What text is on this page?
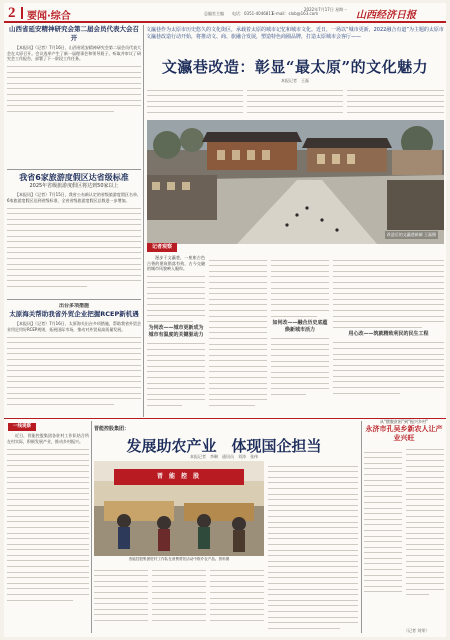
2 要闻·综合	总编室主编 电话：0351-4046811
E-mail：slxb@163.com
2022年7月17日 星期一
山西经济日报
山西省延安精神研究会第二届会员代表大会召开
【本报讯】（记者）7月16日，山西省延安精神研究会第二届会员代表大会在太原召开。会议选举产生了新一届理事会和领导班子，听取并审议了研究会工作报告，部署了下一阶段工作任务。
我省6家旅游度假区达省级标准
2025年省级旅游度假区将达到50家以上
【本报讯】（记者）7月15日，我省公布新认定的省级旅游度假区名单，6家旅游度假区达到省级标准，全省省级旅游度假区总数进一步增加。
出台多项措施
太原海关帮助我省外贸企业把握RCEP新机遇
【本报讯】（记者）7月16日，太原海关出台多项措施，帮助我省外贸企业用足用好RCEP规则，拓展国际市场，推动对外贸易高质量发展。
文瀛巷作为太原市历史悠久的文化街区，承载着太原的城市记忆和城市文化。近日，一场以“城市更新，2022融合有道”为主题的太原市文瀛巷改造行动开始，将推动文、商、旅融合发展，塑造特色商圈品牌，打造太原城市会客厅——
文瀛巷改造：彰显“最太原”的文化魅力
本报记者　王磊
改造后的文瀛巷新颜 王磊摄
记者观察
漫步于文瀛巷，一座座古色古香的建筑错落有致，古今交融的城市风貌映入眼帘。
为何改——城市更新成为城市有温度的关键驱动力
如何改——融合历史底蕴焕新城市活力
用心改——筑就精致利民的民生工程
一线观察
近日，晋能控股集团各驻村工作队结合所在村实际，积极发展产业，推动乡村振兴。
晋能控股集团：
发展助农产业　体现国企担当
本报记者　李琳　通讯员　刘涛　张伟
晋 能 控 股
晋能控股集团驻村工作队在消费帮扶活动中推介农产品。资料图
从“摆脱贫困”到“振兴乡村”
永济市孔吴乡新农人让产业兴旺
（记者 刘荣）
